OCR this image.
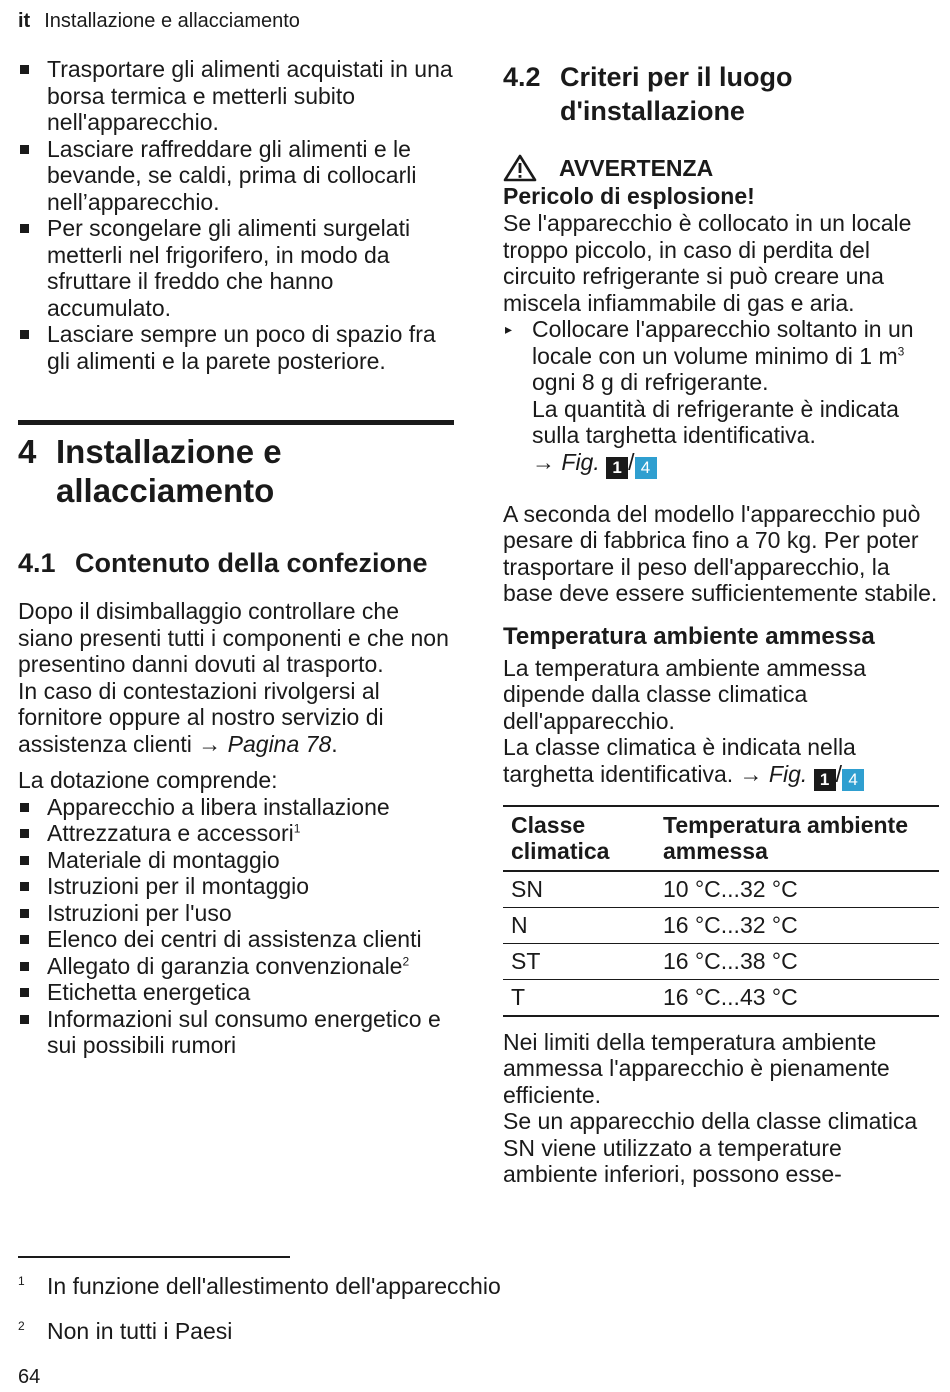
it Installazione e allacciamento
Trasportare gli alimenti acquistati in una borsa termica e metterli subito nell'apparecchio.
Lasciare raffreddare gli alimenti e le bevande, se caldi, prima di collocarli nell’apparecchio.
Per scongelare gli alimenti surgelati metterli nel frigorifero, in modo da sfruttare il freddo che hanno accumulato.
Lasciare sempre un poco di spazio fra gli alimenti e la parete posteriore.
4 Installazione e allacciamento
4.1 Contenuto della confezione

Dopo il disimballaggio controllare che siano presenti tutti i componenti e che non presentino danni dovuti al trasporto.

In caso di contestazioni rivolgersi al fornitore oppure al nostro servizio di assistenza clienti → Pagina 78.

La dotazione comprende:

Apparecchio a libera installazione
Attrezzatura e accessori$^1$
Materiale di montaggio
Istruzioni per il montaggio
Istruzioni per l'uso
Elenco dei centri di assistenza clienti
Allegato di garanzia convenzionale$^2$
Etichetta energetica
Informazioni sul consumo energetico e sui possibili rumori
4.2 Criteri per il luogo d'installazione
AVVERTENZA

Pericolo di esplosione!

Se l'apparecchio è collocato in un locale troppo piccolo, in caso di perdita del circuito refrigerante si può creare una miscela infiammabile di gas e aria.

▸ Collocare l'apparecchio soltanto in un locale con un volume minimo di 1 $m^3$ ogni 8 g di refrigerante.
La quantità di refrigerante è indicata sulla targhetta identificativa.
→ Fig. 1 / 4

A seconda del modello l'apparecchio può pesare di fabbrica fino a 70 kg. Per poter trasportare il peso dell'apparecchio, la base deve essere sufficientemente stabile.

Temperatura ambiente ammessa

La temperatura ambiente ammessa dipende dalla classe climatica dell'apparecchio.

La classe climatica è indicata nella targhetta identificativa. → Fig. 1 / 4

Classe climatica	Temperatura ambiente ammessa
SN	10 °C...32 °C
N	16 °C...32 °C
ST	16 °C...38 °C
T	16 °C...43 °C

Nei limiti della temperatura ambiente ammessa l'apparecchio è pienamente efficiente.

Se un apparecchio della classe climatica SN viene utilizzato a temperature ambiente inferiori, possono esse-

1 In funzione dell'allestimento dell'apparecchio
2 Non in tutti i Paesi
64
